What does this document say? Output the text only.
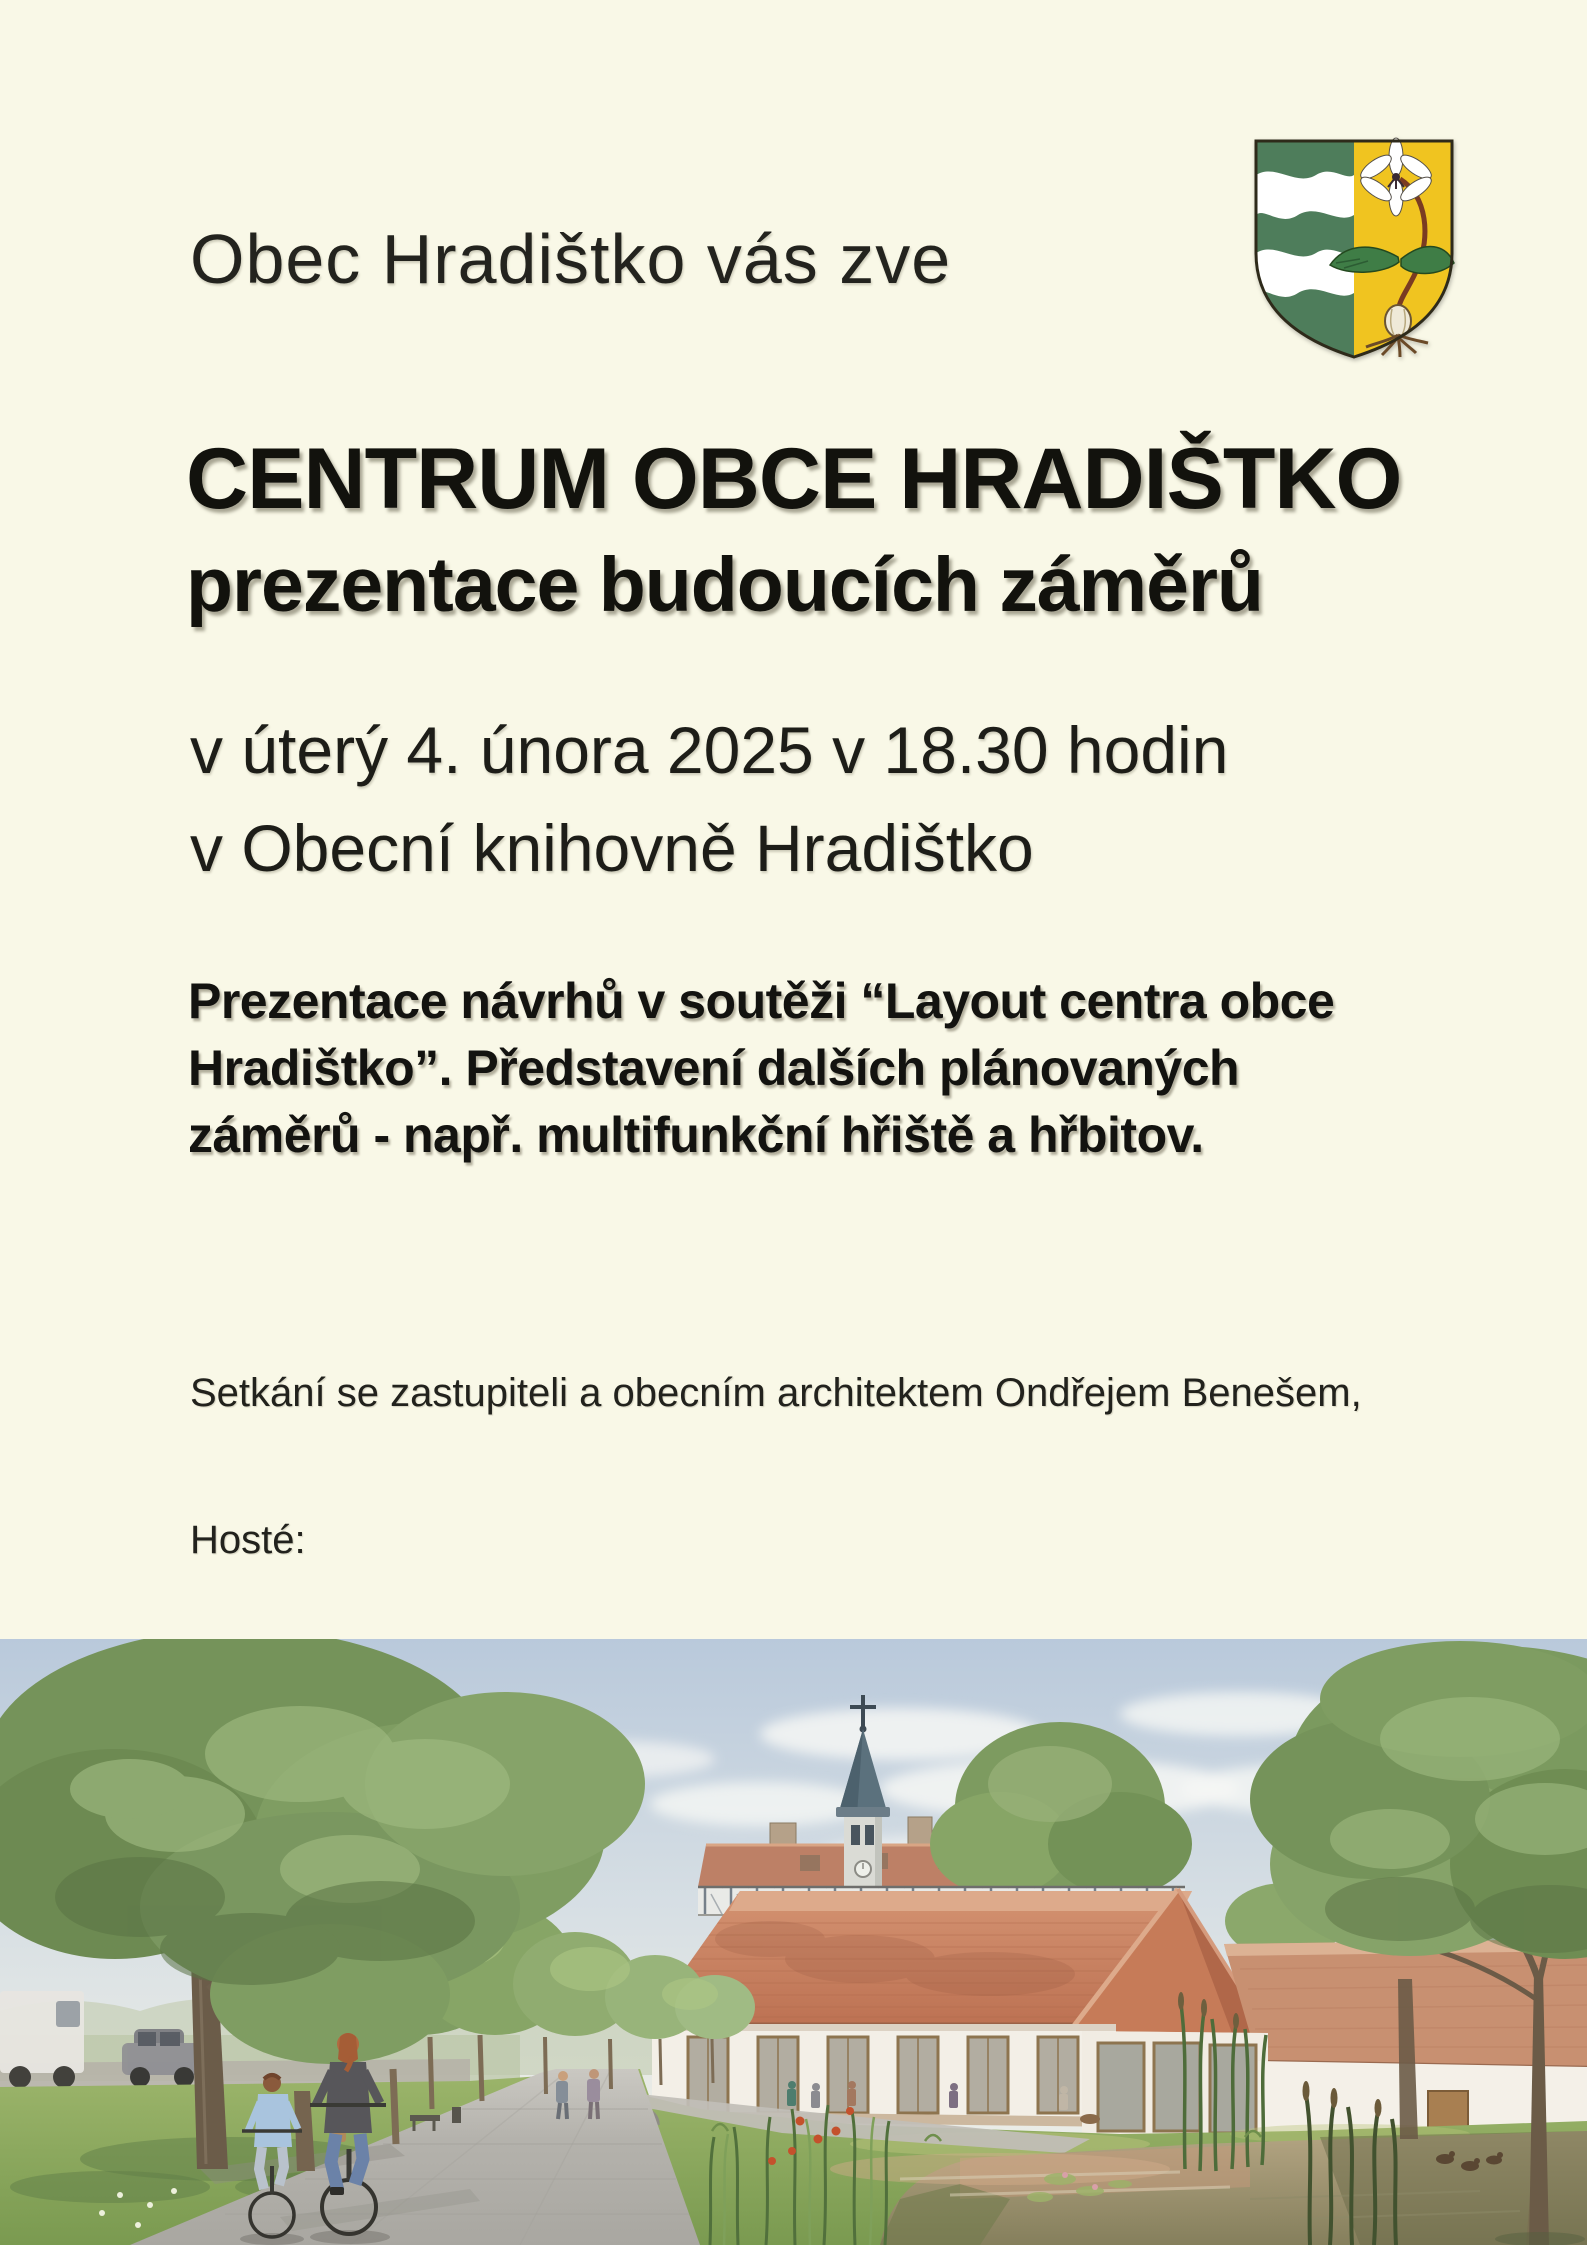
Obec Hradištko vás zve
CENTRUM OBCE HRADIŠTKO
prezentace budoucích záměrů
v úterý 4. února 2025 v 18.30 hodin
v Obecní knihovně Hradištko
Prezentace návrhů v soutěži “Layout centra obce
Hradištko”. Představení dalších plánovaných
záměrů - např. multifunkční hřiště a hřbitov.

Setkání se zastupiteli a obecním architektem Ondřejem Benešem,

Hosté:
